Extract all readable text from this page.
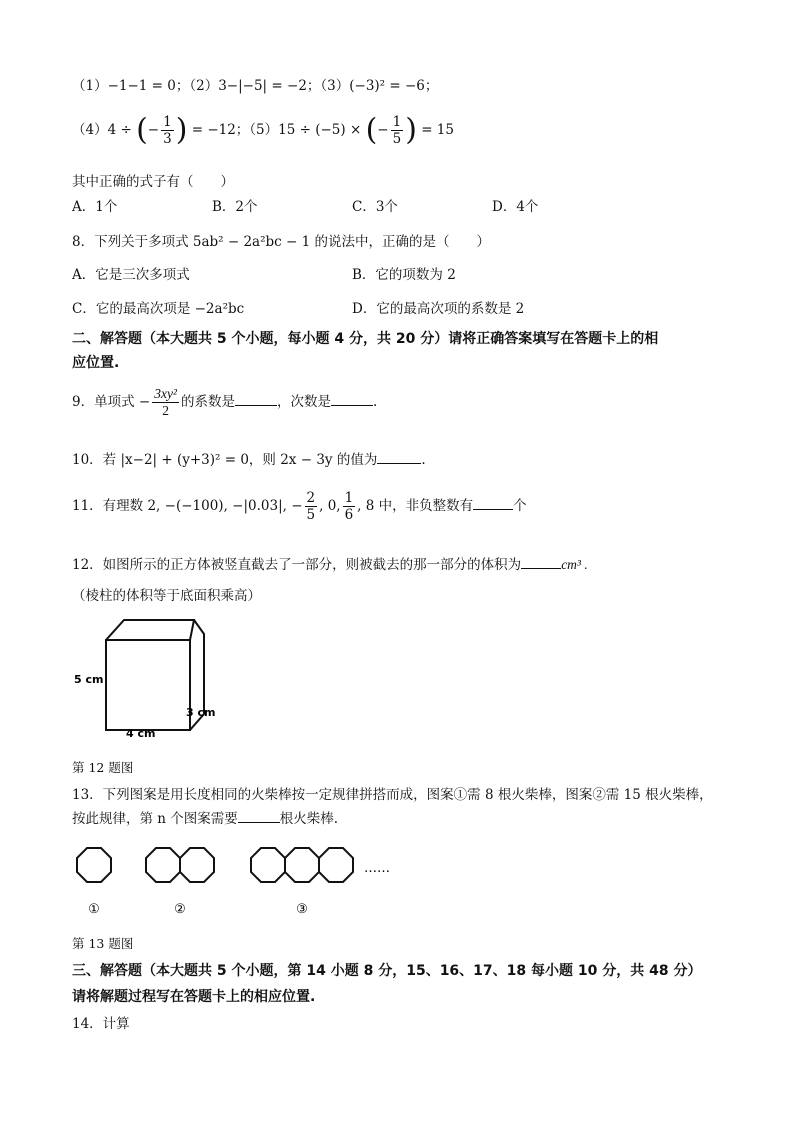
（1）−1−1 = 0；（2）3−|−5| = −2；（3）(−3)² = −6；
（4）4 ÷ (− $\frac{1}{3}$ ) = −12；（5）15 ÷ (−5) × (− $\frac{1}{5}$ ) = 15
其中正确的式子有（　　）
A．1个	B．2个	C．3个	D．4个
8．下列关于多项式 5ab² − 2a²bc − 1 的说法中，正确的是（　　）
A．它是三次多项式	B．它的项数为 2
C．它的最高次项是 −2a²bc	D．它的最高次项的系数是 2
二、解答题（本大题共 5 个小题，每小题 4 分，共 20 分）请将正确答案填写在答题卡上的相
应位置.
9．单项式 − $\frac{\text{3xy²}}{2}$ 的系数是	，次数是	.
10．若 |x−2| + (y+3)² = 0，则 2x − 3y 的值为	.
11．有理数 2, −(−100), −|0.03|, − $\frac{2}{5}$ , 0, $\frac{1}{6}$ , 8 中，非负整数有	个
12．如图所示的正方体被竖直截去了一部分，则被截去的那一部分的体积为	cm³ .
（棱柱的体积等于底面积乘高）
5 cm
4 cm
3 cm
第 12 题图
13．下列图案是用长度相同的火柴棒按一定规律拼搭而成，图案①需 8 根火柴棒，图案②需 15 根火柴棒，
按此规律，第 n 个图案需要	根火柴棒.
①	②	③
……
第 13 题图
三、解答题（本大题共 5 个小题，第 14 小题 8 分，15、16、17、18 每小题 10 分，共 48 分）
请将解题过程写在答题卡上的相应位置.
14．计算
